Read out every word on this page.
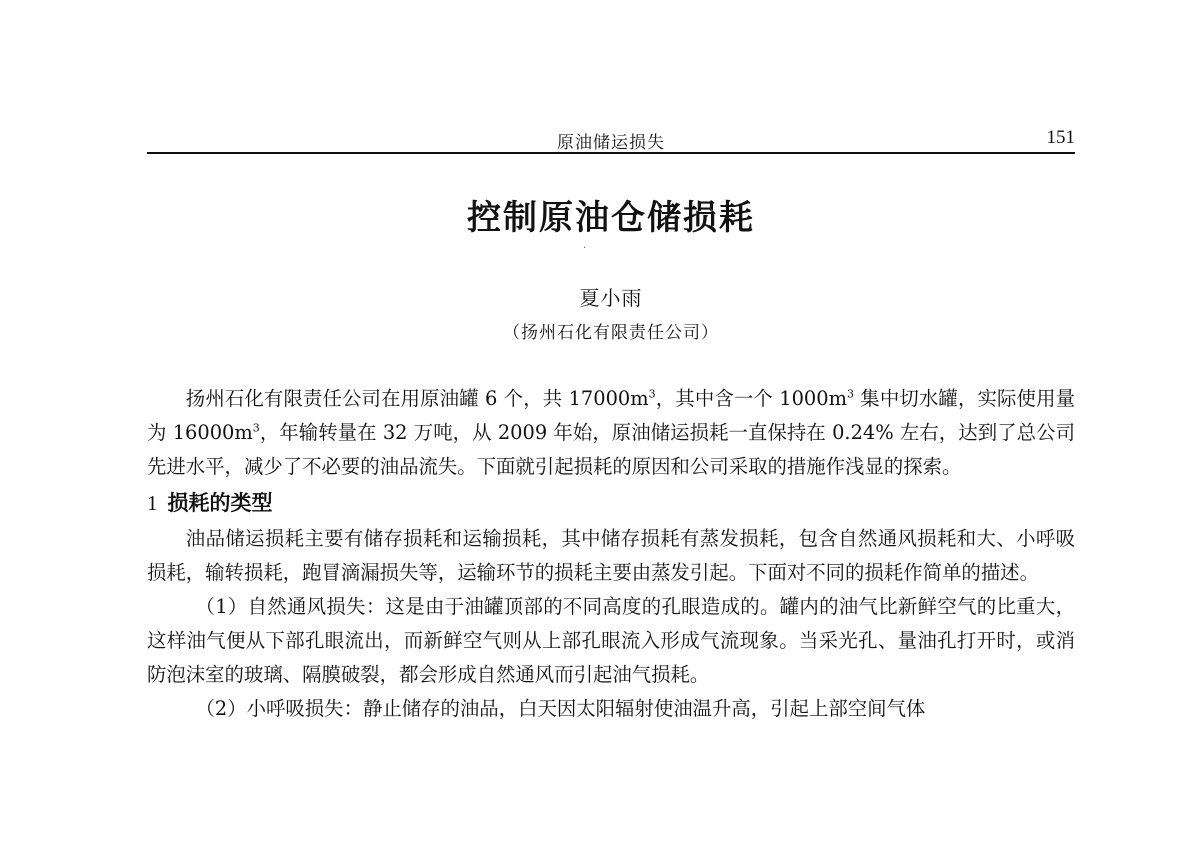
原油储运损失	151
控制原油仓储损耗
·
夏小雨
（扬州石化有限责任公司）

扬州石化有限责任公司在用原油罐 6 个，共 $17000m^3$，其中含一个 $1000m^3$ 集中切水罐，实际使用量为 $16000m^3$，年输转量在 32 万吨，从 2009 年始，原油储运损耗一直保持在 0.24% 左右，达到了总公司先进水平，减少了不必要的油品流失。下面就引起损耗的原因和公司采取的措施作浅显的探索。

1 损耗的类型

油品储运损耗主要有储存损耗和运输损耗，其中储存损耗有蒸发损耗，包含自然通风损耗和大、小呼吸损耗，输转损耗，跑冒滴漏损失等，运输环节的损耗主要由蒸发引起。下面对不同的损耗作简单的描述。

（1）自然通风损失：这是由于油罐顶部的不同高度的孔眼造成的。罐内的油气比新鲜空气的比重大，这样油气便从下部孔眼流出，而新鲜空气则从上部孔眼流入形成气流现象。当采光孔、量油孔打开时，或消防泡沫室的玻璃、隔膜破裂，都会形成自然通风而引起油气损耗。

（2）小呼吸损失：静止储存的油品，白天因太阳辐射使油温升高，引起上部空间气体
